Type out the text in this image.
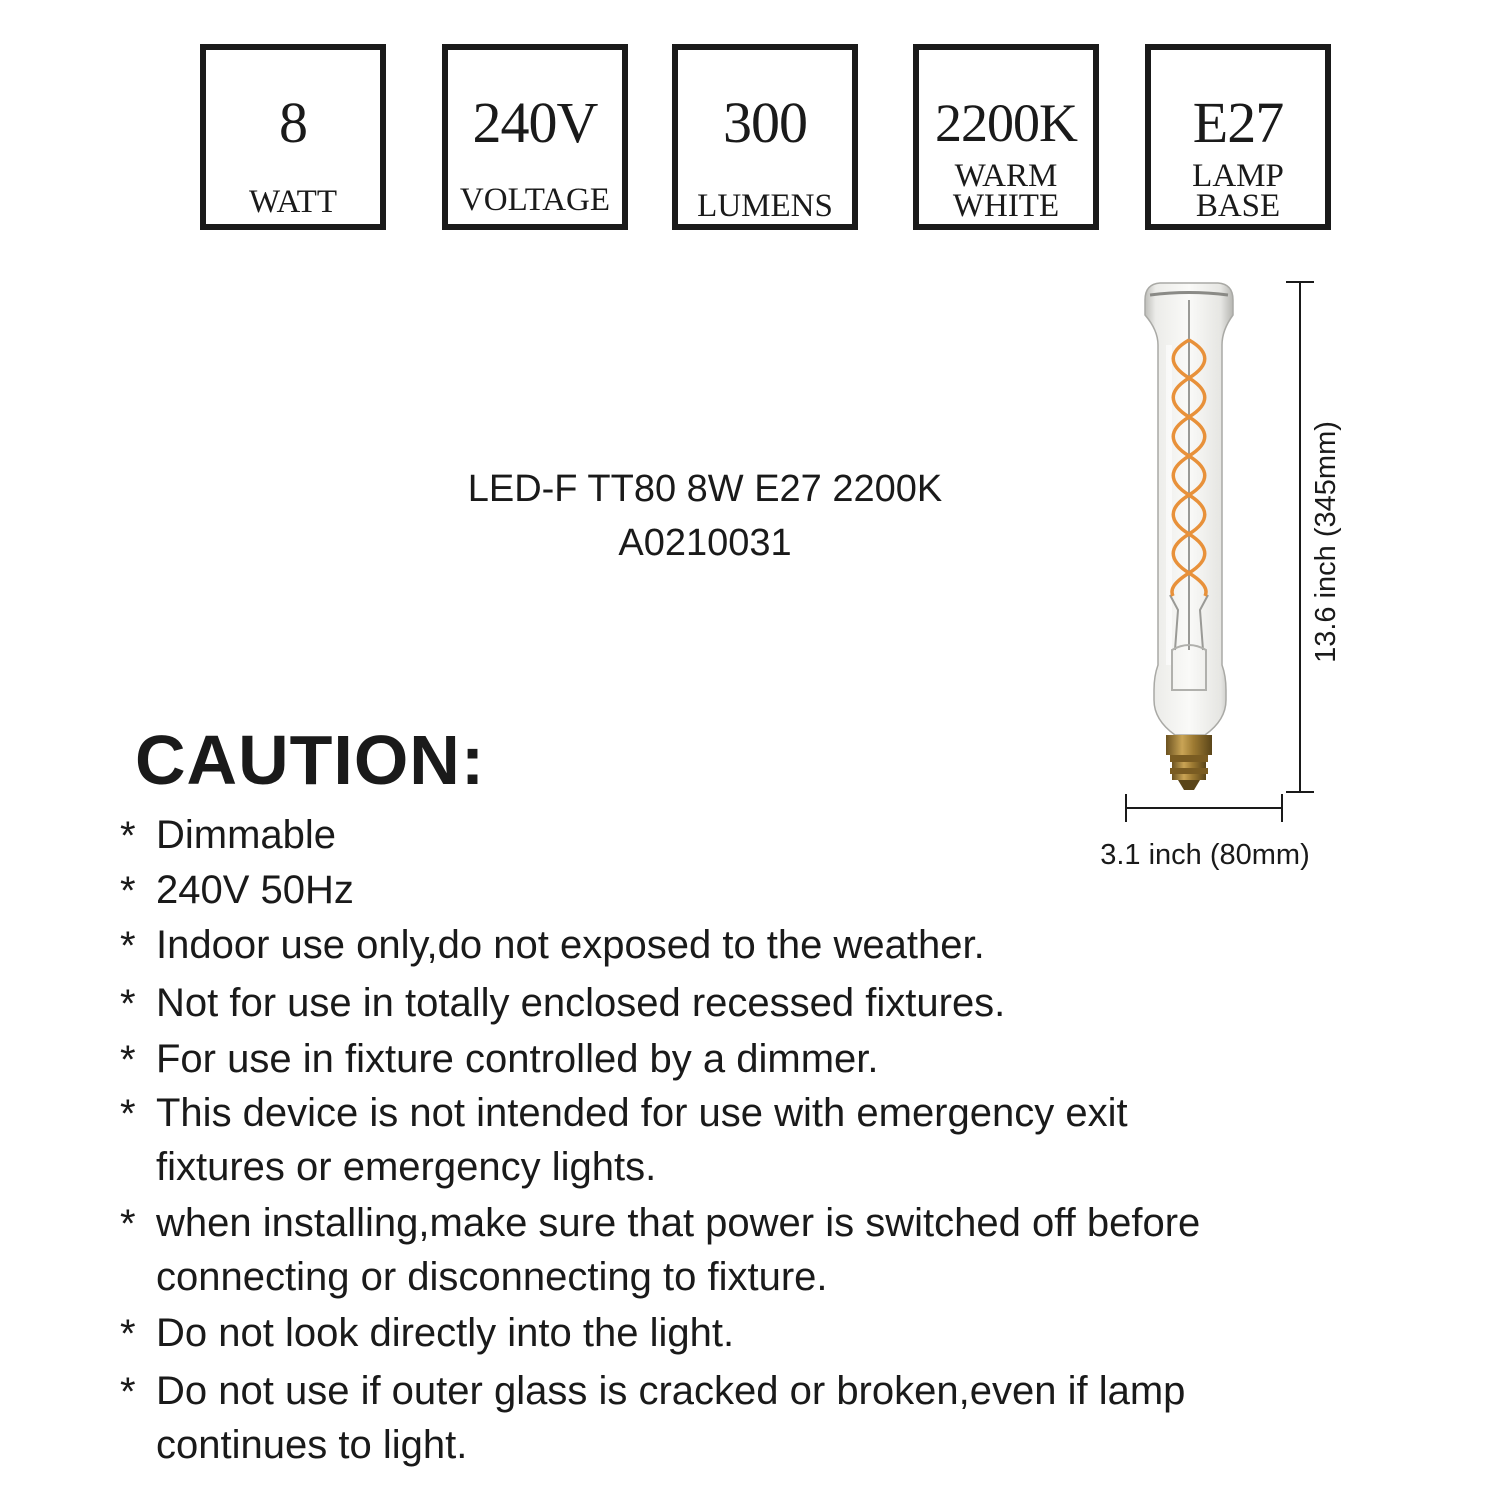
8
WATT
240V
VOLTAGE
300
LUMENS
2200K
WARM
WHITE
E27
LAMP
BASE
LED-F TT80 8W E27 2200K
A0210031	13.6 inch (345mm)
3.1 inch (80mm)
CAUTION:
* Dimmable
* 240V 50Hz
* Indoor use only,do not exposed to the weather.
* Not for use in totally enclosed recessed fixtures.
* For use in fixture controlled by a dimmer.
* This device is not intended for use with emergency exit
fixtures or emergency lights.
* when installing,make sure that power is switched off before
connecting or disconnecting to fixture.
* Do not look directly into the light.
* Do not use if outer glass is cracked or broken,even if lamp
continues to light.
